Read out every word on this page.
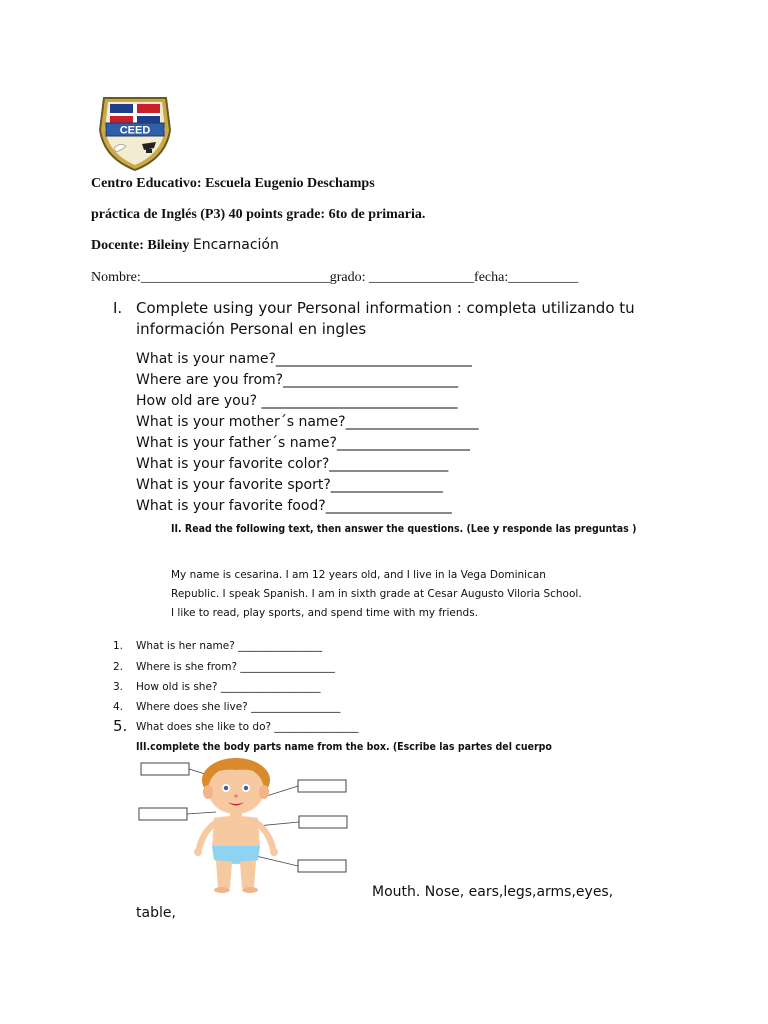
CEED
Centro Educativo: Escuela Eugenio Deschamps
práctica de Inglés (P3) 40 points grade: 6to de primaria.
Docente: Bileiny Encarnación
Nombre:___________________________grado: _______________fecha:__________
I. Complete using your Personal information : completa utilizando tu
información Personal en ingles
What is your name?____________________________
Where are you from?_________________________
How old are you? ____________________________
What is your mother´s name?___________________
What is your father´s name?___________________
What is your favorite color?_________________
What is your favorite sport?________________
What is your favorite food?__________________
II. Read the following text, then answer the questions. (Lee y responde las preguntas )
My name is cesarina. I am 12 years old, and I live in la Vega Dominican
Republic. I speak Spanish. I am in sixth grade at Cesar Augusto Viloria School.
I like to read, play sports, and spend time with my friends.
1. What is her name? ________________
2. Where is she from? __________________
3. How old is she? ___________________
4. Where does she live? _________________
5. What does she like to do? ________________
III.complete the body parts name from the box. (Escribe las partes del cuerpo
Mouth. Nose, ears,legs,arms,eyes,
table,
